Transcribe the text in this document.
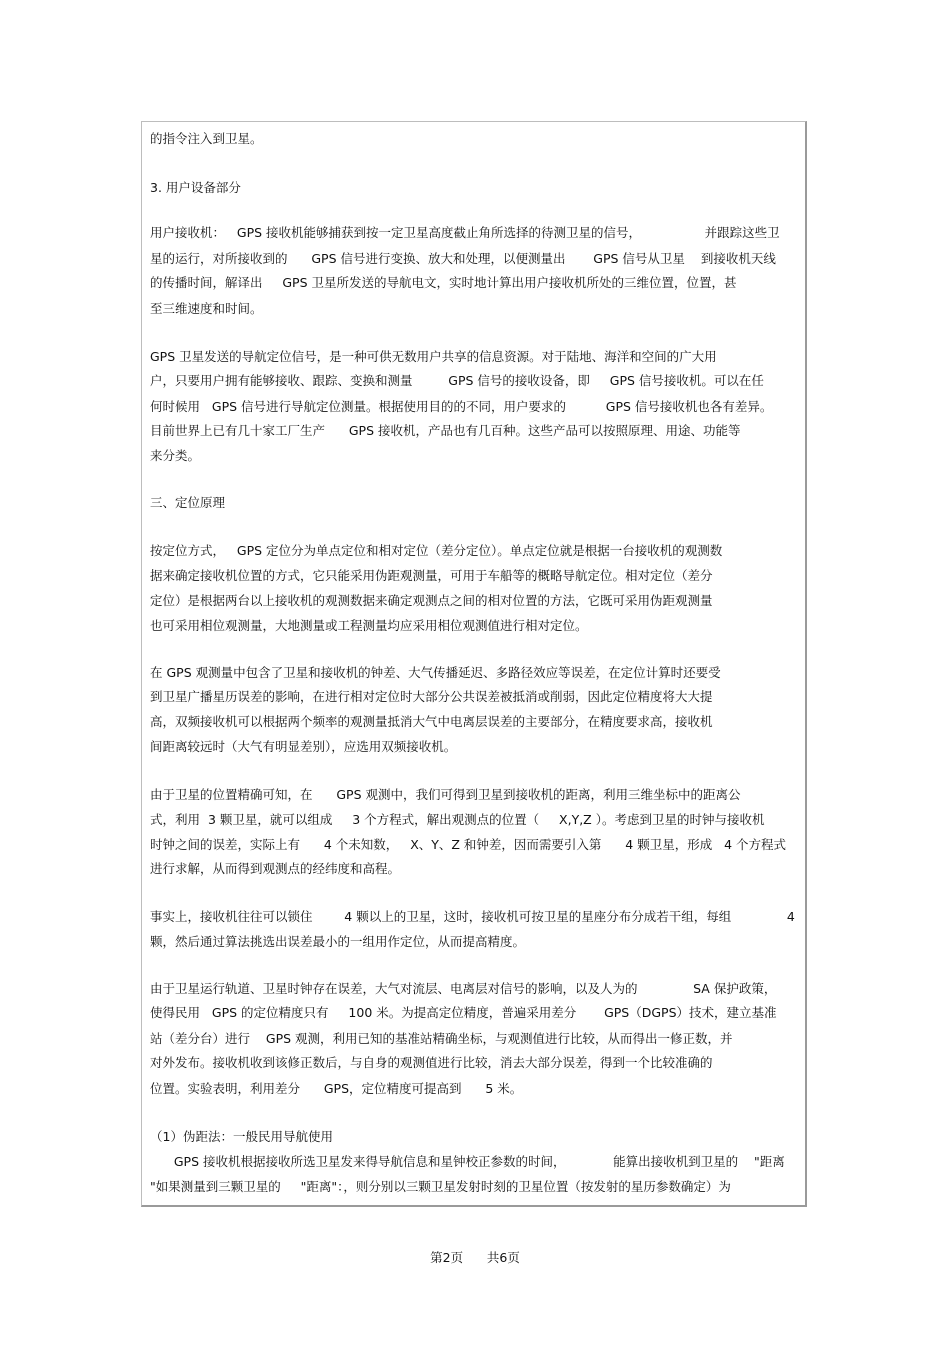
的指令注入到卫星。
3. 用户设备部分
用户接收机：   GPS 接收机能够捕获到按一定卫星高度截止角所选择的待测卫星的信号，                并跟踪这些卫
星的运行，对所接收到的      GPS 信号进行变换、放大和处理，以便测量出       GPS 信号从卫星    到接收机天线
的传播时间，解译出     GPS 卫星所发送的导航电文，实时地计算出用户接收机所处的三维位置，位置，甚
至三维速度和时间。
GPS 卫星发送的导航定位信号，是一种可供无数用户共享的信息资源。对于陆地、海洋和空间的广大用
户，只要用户拥有能够接收、跟踪、变换和测量         GPS 信号的接收设备，即     GPS 信号接收机。可以在任
何时候用   GPS 信号进行导航定位测量。根据使用目的的不同，用户要求的          GPS 信号接收机也各有差异。
目前世界上已有几十家工厂生产      GPS 接收机，产品也有几百种。这些产品可以按照原理、用途、功能等
来分类。
三、定位原理
按定位方式，   GPS 定位分为单点定位和相对定位（差分定位）。单点定位就是根据一台接收机的观测数
据来确定接收机位置的方式，它只能采用伪距观测量，可用于车船等的概略导航定位。相对定位（差分
定位）是根据两台以上接收机的观测数据来确定观测点之间的相对位置的方法，它既可采用伪距观测量
也可采用相位观测量，大地测量或工程测量均应采用相位观测值进行相对定位。
在 GPS 观测量中包含了卫星和接收机的钟差、大气传播延迟、多路径效应等误差，在定位计算时还要受
到卫星广播星历误差的影响，在进行相对定位时大部分公共误差被抵消或削弱，因此定位精度将大大提
高，双频接收机可以根据两个频率的观测量抵消大气中电离层误差的主要部分，在精度要求高，接收机
间距离较远时（大气有明显差别），应选用双频接收机。
由于卫星的位置精确可知，在      GPS 观测中，我们可得到卫星到接收机的距离，利用三维坐标中的距离公
式，利用  3 颗卫星，就可以组成     3 个方程式，解出观测点的位置（     X,Y,Z ）。考虑到卫星的时钟与接收机
时钟之间的误差，实际上有      4 个未知数，   X、Y、Z 和钟差，因而需要引入第      4 颗卫星，形成   4 个方程式
进行求解，从而得到观测点的经纬度和高程。
事实上，接收机往往可以锁住        4 颗以上的卫星，这时，接收机可按卫星的星座分布分成若干组，每组              4
颗，然后通过算法挑选出误差最小的一组用作定位，从而提高精度。
由于卫星运行轨道、卫星时钟存在误差，大气对流层、电离层对信号的影响，以及人为的              SA 保护政策，
使得民用   GPS 的定位精度只有     100 米。为提高定位精度，普遍采用差分       GPS（DGPS）技术，建立基准
站（差分台）进行    GPS 观测，利用已知的基准站精确坐标，与观测值进行比较，从而得出一修正数，并
对外发布。接收机收到该修正数后，与自身的观测值进行比较，消去大部分误差，得到一个比较准确的
位置。实验表明，利用差分      GPS，定位精度可提高到      5 米。
（1）伪距法：一般民用导航使用
GPS 接收机根据接收所选卫星发来得导航信息和星钟校正参数的时间，            能算出接收机到卫星的    "距离
"如果测量到三颗卫星的     "距离"：，则分别以三颗卫星发射时刻的卫星位置（按发射的星历参数确定）为
第2页 共6页
